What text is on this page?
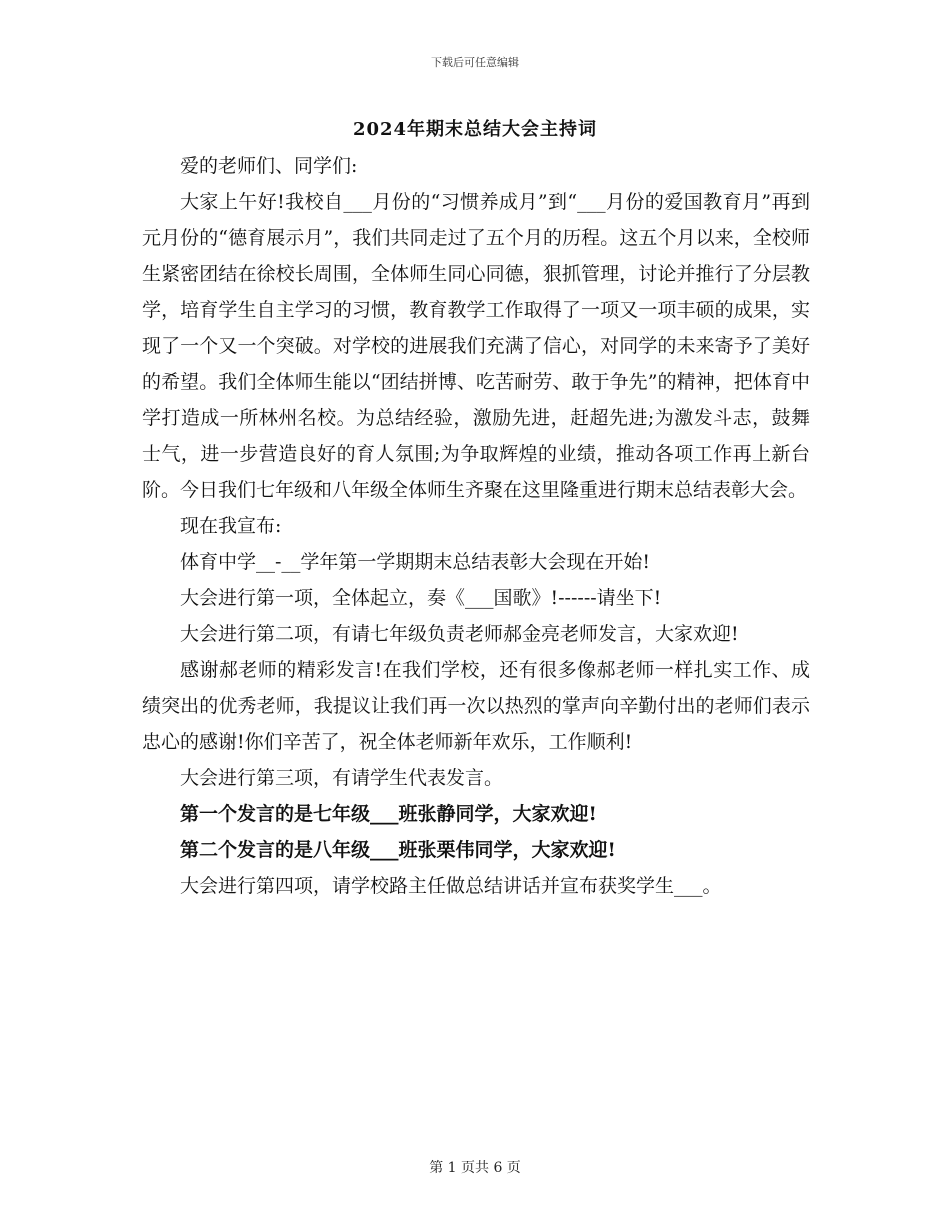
下载后可任意编辑
2024年期末总结大会主持词

爱的老师们、同学们:

大家上午好!我校自___月份的“习惯养成月”到“___月份的爱国教育月”再到元月份的“德育展示月”，我们共同走过了五个月的历程。这五个月以来，全校师生紧密团结在徐校长周围，全体师生同心同德，狠抓管理，讨论并推行了分层教学，培育学生自主学习的习惯，教育教学工作取得了一项又一项丰硕的成果，实现了一个又一个突破。对学校的进展我们充满了信心，对同学的未来寄予了美好的希望。我们全体师生能以“团结拼博、吃苦耐劳、敢于争先”的精神，把体育中学打造成一所林州名校。为总结经验，激励先进，赶超先进;为激发斗志，鼓舞士气，进一步营造良好的育人氛围;为争取辉煌的业绩，推动各项工作再上新台阶。今日我们七年级和八年级全体师生齐聚在这里隆重进行期末总结表彰大会。

现在我宣布:

体育中学__-__学年第一学期期末总结表彰大会现在开始!

大会进行第一项，全体起立，奏《___国歌》!------请坐下!

大会进行第二项，有请七年级负责老师郝金亮老师发言，大家欢迎!

感谢郝老师的精彩发言!在我们学校，还有很多像郝老师一样扎实工作、成绩突出的优秀老师，我提议让我们再一次以热烈的掌声向辛勤付出的老师们表示忠心的感谢!你们辛苦了，祝全体老师新年欢乐，工作顺利!

大会进行第三项，有请学生代表发言。

第一个发言的是七年级___班张静同学，大家欢迎!

第二个发言的是八年级___班张栗伟同学，大家欢迎!

大会进行第四项，请学校路主任做总结讲话并宣布获奖学生___。

第 1 页共 6 页
